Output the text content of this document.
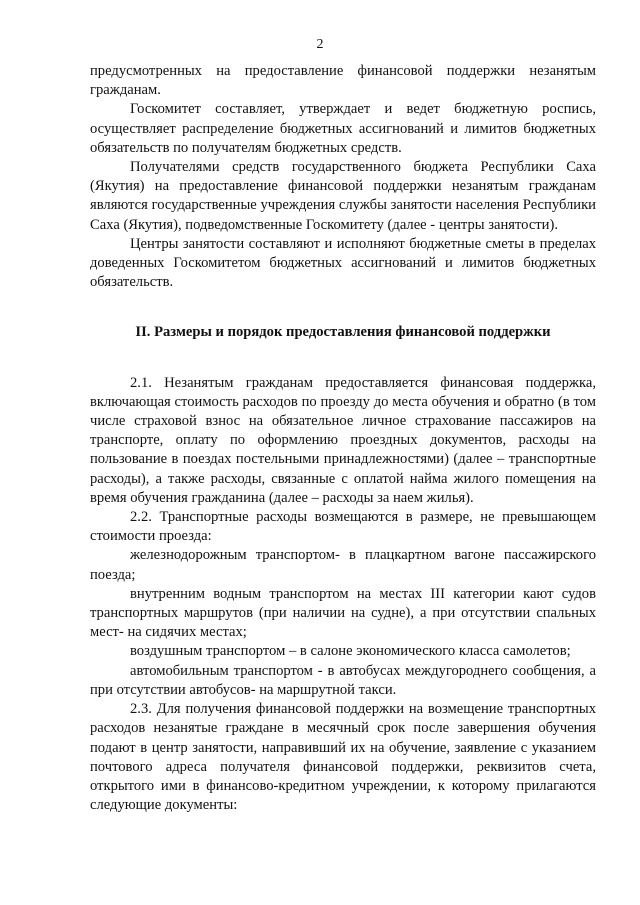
2

предусмотренных на предоставление финансовой поддержки незанятым гражданам.

Госкомитет составляет, утверждает и ведет бюджетную роспись, осуществляет распределение бюджетных ассигнований и лимитов бюджетных обязательств по получателям бюджетных средств.

Получателями средств государственного бюджета Республики Саха (Якутия) на предоставление финансовой поддержки незанятым гражданам являются государственные учреждения службы занятости населения Республики Саха (Якутия), подведомственные Госкомитету (далее - центры занятости).

Центры занятости составляют и исполняют бюджетные сметы в пределах доведенных Госкомитетом бюджетных ассигнований и лимитов бюджетных обязательств.

II. Размеры и порядок предоставления финансовой поддержки

2.1. Незанятым гражданам предоставляется финансовая поддержка, включающая стоимость расходов по проезду до места обучения и обратно (в том числе страховой взнос на обязательное личное страхование пассажиров на транспорте, оплату по оформлению проездных документов, расходы на пользование в поездах постельными принадлежностями) (далее – транспортные расходы), а также расходы, связанные с оплатой найма жилого помещения на время обучения гражданина (далее – расходы за наем жилья).

2.2. Транспортные расходы возмещаются в размере, не превышающем стоимости проезда:

железнодорожным транспортом- в плацкартном вагоне пассажирского поезда;

внутренним водным транспортом на местах III категории кают судов транспортных маршрутов (при наличии на судне), а при отсутствии спальных мест- на сидячих местах;

воздушным транспортом – в салоне экономического класса самолетов;

автомобильным транспортом - в автобусах междугороднего сообщения, а при отсутствии автобусов- на маршрутной такси.

2.3. Для получения финансовой поддержки на возмещение транспортных расходов незанятые граждане в месячный срок после завершения обучения подают в центр занятости, направивший их на обучение, заявление с указанием почтового адреса получателя финансовой поддержки, реквизитов счета, открытого ими в финансово-кредитном учреждении, к которому прилагаются следующие документы:
